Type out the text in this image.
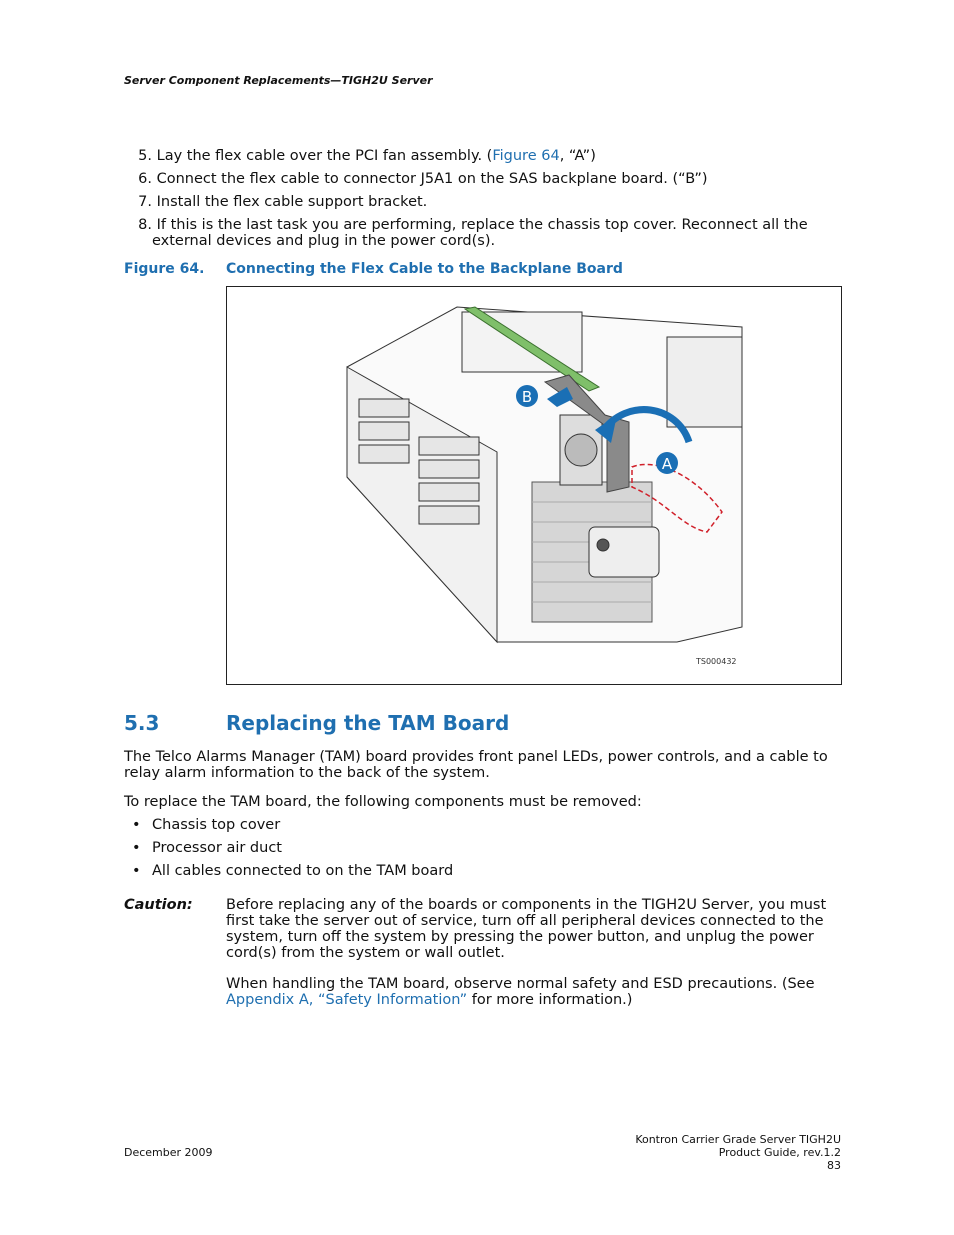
Server Component Replacements—TIGH2U Server
5. Lay the flex cable over the PCI fan assembly. (Figure 64, “A”)
6. Connect the flex cable to connector J5A1 on the SAS backplane board. (“B”)
7. Install the flex cable support bracket.
8. If this is the last task you are performing, replace the chassis top cover. Reconnect all the external devices and plug in the power cord(s).
Figure 64. Connecting the Flex Cable to the Backplane Board
B
A
TS000432
5.3	Replacing the TAM Board
The Telco Alarms Manager (TAM) board provides front panel LEDs, power controls, and a cable to relay alarm information to the back of the system.
To replace the TAM board, the following components must be removed:
• Chassis top cover
• Processor air duct
• All cables connected to on the TAM board
Caution: Before replacing any of the boards or components in the TIGH2U Server, you must first take the server out of service, turn off all peripheral devices connected to the system, turn off the system by pressing the power button, and unplug the power cord(s) from the system or wall outlet.
When handling the TAM board, observe normal safety and ESD precautions. (See Appendix A, “Safety Information” for more information.)
December 2009
Kontron Carrier Grade Server TIGH2U
Product Guide, rev.1.2
83
